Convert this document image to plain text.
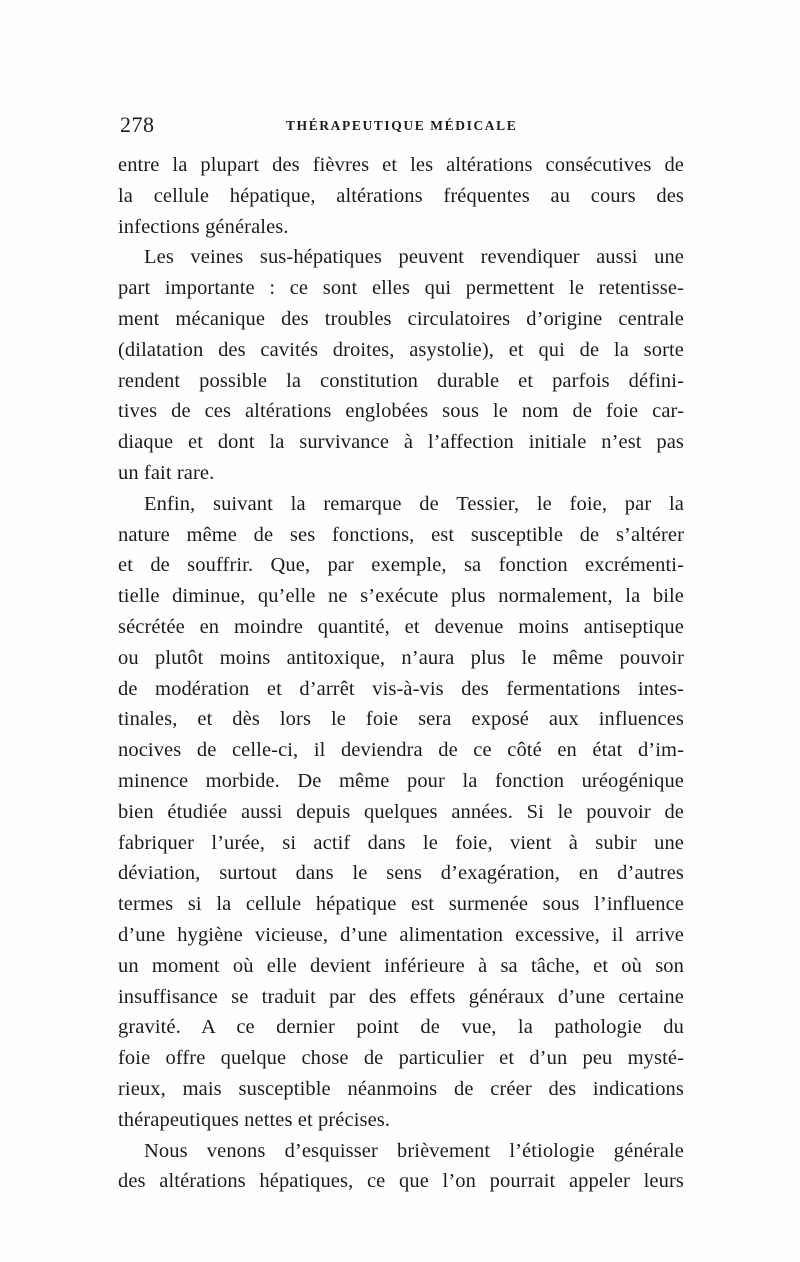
278	THÉRAPEUTIQUE MÉDICALE
entre la plupart des fièvres et les altérations consécutives de
la cellule hépatique, altérations fréquentes au cours des
infections générales.
Les veines sus-hépatiques peuvent revendiquer aussi une
part importante : ce sont elles qui permettent le retentisse-
ment mécanique des troubles circulatoires d’origine centrale
(dilatation des cavités droites, asystolie), et qui de la sorte
rendent possible la constitution durable et parfois défini-
tives de ces altérations englobées sous le nom de foie car-
diaque et dont la survivance à l’affection initiale n’est pas
un fait rare.
Enfin, suivant la remarque de Tessier, le foie, par la
nature même de ses fonctions, est susceptible de s’altérer
et de souffrir. Que, par exemple, sa fonction excrémenti-
tielle diminue, qu’elle ne s’exécute plus normalement, la bile
sécrétée en moindre quantité, et devenue moins antiseptique
ou plutôt moins antitoxique, n’aura plus le même pouvoir
de modération et d’arrêt vis-à-vis des fermentations intes-
tinales, et dès lors le foie sera exposé aux influences
nocives de celle-ci, il deviendra de ce côté en état d’im-
minence morbide. De même pour la fonction uréogénique
bien étudiée aussi depuis quelques années. Si le pouvoir de
fabriquer l’urée, si actif dans le foie, vient à subir une
déviation, surtout dans le sens d’exagération, en d’autres
termes si la cellule hépatique est surmenée sous l’influence
d’une hygiène vicieuse, d’une alimentation excessive, il arrive
un moment où elle devient inférieure à sa tâche, et où son
insuffisance se traduit par des effets généraux d’une certaine
gravité. A ce dernier point de vue, la pathologie du
foie offre quelque chose de particulier et d’un peu mysté-
rieux, mais susceptible néanmoins de créer des indications
thérapeutiques nettes et précises.
Nous venons d’esquisser brièvement l’étiologie générale
des altérations hépatiques, ce que l’on pourrait appeler leurs
